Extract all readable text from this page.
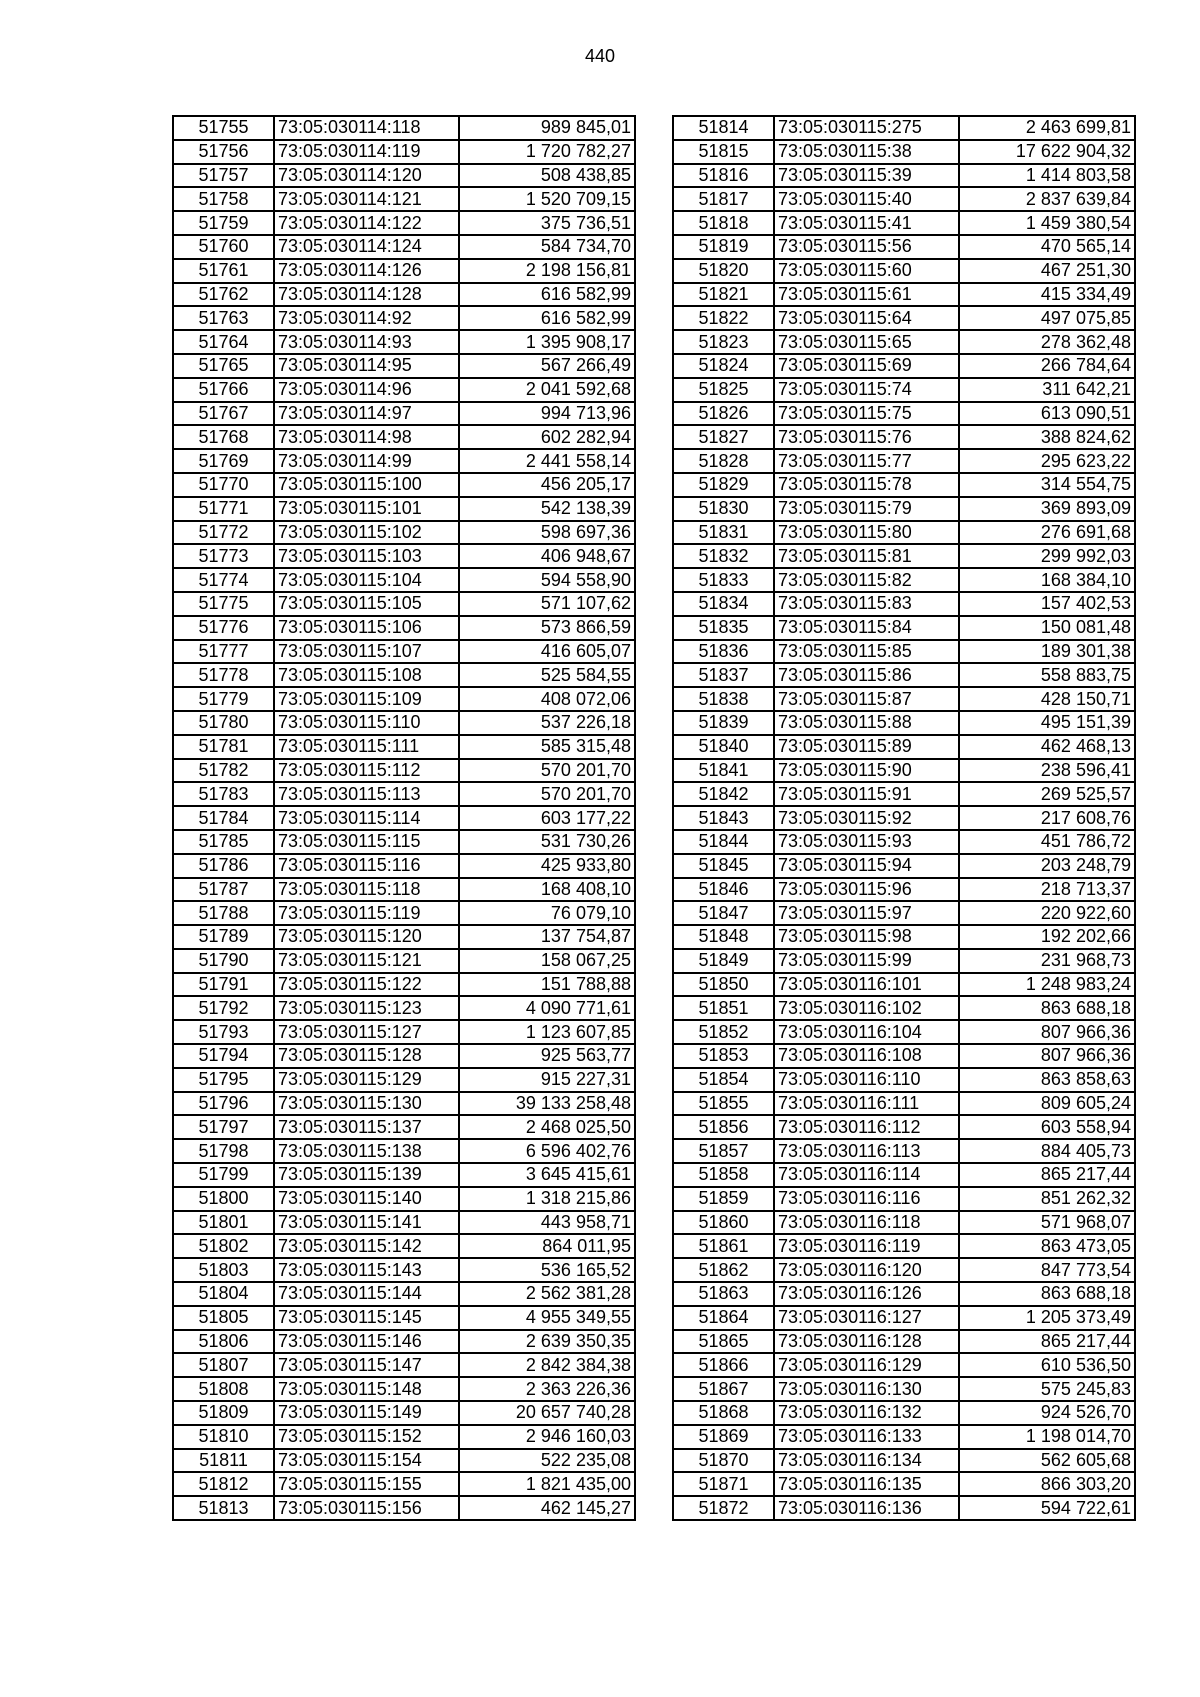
440
51755	73:05:030114:118	989 845,01
51756	73:05:030114:119	1 720 782,27
51757	73:05:030114:120	508 438,85
51758	73:05:030114:121	1 520 709,15
51759	73:05:030114:122	375 736,51
51760	73:05:030114:124	584 734,70
51761	73:05:030114:126	2 198 156,81
51762	73:05:030114:128	616 582,99
51763	73:05:030114:92	616 582,99
51764	73:05:030114:93	1 395 908,17
51765	73:05:030114:95	567 266,49
51766	73:05:030114:96	2 041 592,68
51767	73:05:030114:97	994 713,96
51768	73:05:030114:98	602 282,94
51769	73:05:030114:99	2 441 558,14
51770	73:05:030115:100	456 205,17
51771	73:05:030115:101	542 138,39
51772	73:05:030115:102	598 697,36
51773	73:05:030115:103	406 948,67
51774	73:05:030115:104	594 558,90
51775	73:05:030115:105	571 107,62
51776	73:05:030115:106	573 866,59
51777	73:05:030115:107	416 605,07
51778	73:05:030115:108	525 584,55
51779	73:05:030115:109	408 072,06
51780	73:05:030115:110	537 226,18
51781	73:05:030115:111	585 315,48
51782	73:05:030115:112	570 201,70
51783	73:05:030115:113	570 201,70
51784	73:05:030115:114	603 177,22
51785	73:05:030115:115	531 730,26
51786	73:05:030115:116	425 933,80
51787	73:05:030115:118	168 408,10
51788	73:05:030115:119	76 079,10
51789	73:05:030115:120	137 754,87
51790	73:05:030115:121	158 067,25
51791	73:05:030115:122	151 788,88
51792	73:05:030115:123	4 090 771,61
51793	73:05:030115:127	1 123 607,85
51794	73:05:030115:128	925 563,77
51795	73:05:030115:129	915 227,31
51796	73:05:030115:130	39 133 258,48
51797	73:05:030115:137	2 468 025,50
51798	73:05:030115:138	6 596 402,76
51799	73:05:030115:139	3 645 415,61
51800	73:05:030115:140	1 318 215,86
51801	73:05:030115:141	443 958,71
51802	73:05:030115:142	864 011,95
51803	73:05:030115:143	536 165,52
51804	73:05:030115:144	2 562 381,28
51805	73:05:030115:145	4 955 349,55
51806	73:05:030115:146	2 639 350,35
51807	73:05:030115:147	2 842 384,38
51808	73:05:030115:148	2 363 226,36
51809	73:05:030115:149	20 657 740,28
51810	73:05:030115:152	2 946 160,03
51811	73:05:030115:154	522 235,08
51812	73:05:030115:155	1 821 435,00
51813	73:05:030115:156	462 145,27
51814	73:05:030115:275	2 463 699,81
51815	73:05:030115:38	17 622 904,32
51816	73:05:030115:39	1 414 803,58
51817	73:05:030115:40	2 837 639,84
51818	73:05:030115:41	1 459 380,54
51819	73:05:030115:56	470 565,14
51820	73:05:030115:60	467 251,30
51821	73:05:030115:61	415 334,49
51822	73:05:030115:64	497 075,85
51823	73:05:030115:65	278 362,48
51824	73:05:030115:69	266 784,64
51825	73:05:030115:74	311 642,21
51826	73:05:030115:75	613 090,51
51827	73:05:030115:76	388 824,62
51828	73:05:030115:77	295 623,22
51829	73:05:030115:78	314 554,75
51830	73:05:030115:79	369 893,09
51831	73:05:030115:80	276 691,68
51832	73:05:030115:81	299 992,03
51833	73:05:030115:82	168 384,10
51834	73:05:030115:83	157 402,53
51835	73:05:030115:84	150 081,48
51836	73:05:030115:85	189 301,38
51837	73:05:030115:86	558 883,75
51838	73:05:030115:87	428 150,71
51839	73:05:030115:88	495 151,39
51840	73:05:030115:89	462 468,13
51841	73:05:030115:90	238 596,41
51842	73:05:030115:91	269 525,57
51843	73:05:030115:92	217 608,76
51844	73:05:030115:93	451 786,72
51845	73:05:030115:94	203 248,79
51846	73:05:030115:96	218 713,37
51847	73:05:030115:97	220 922,60
51848	73:05:030115:98	192 202,66
51849	73:05:030115:99	231 968,73
51850	73:05:030116:101	1 248 983,24
51851	73:05:030116:102	863 688,18
51852	73:05:030116:104	807 966,36
51853	73:05:030116:108	807 966,36
51854	73:05:030116:110	863 858,63
51855	73:05:030116:111	809 605,24
51856	73:05:030116:112	603 558,94
51857	73:05:030116:113	884 405,73
51858	73:05:030116:114	865 217,44
51859	73:05:030116:116	851 262,32
51860	73:05:030116:118	571 968,07
51861	73:05:030116:119	863 473,05
51862	73:05:030116:120	847 773,54
51863	73:05:030116:126	863 688,18
51864	73:05:030116:127	1 205 373,49
51865	73:05:030116:128	865 217,44
51866	73:05:030116:129	610 536,50
51867	73:05:030116:130	575 245,83
51868	73:05:030116:132	924 526,70
51869	73:05:030116:133	1 198 014,70
51870	73:05:030116:134	562 605,68
51871	73:05:030116:135	866 303,20
51872	73:05:030116:136	594 722,61
